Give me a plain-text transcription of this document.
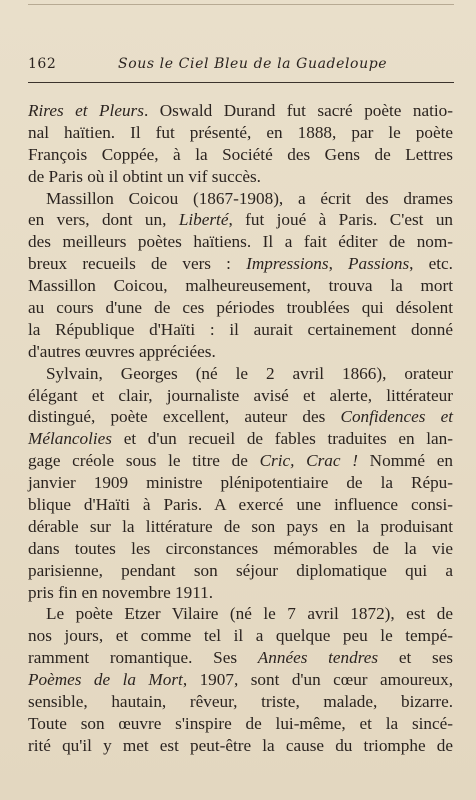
162	Sous le Ciel Bleu de la Guadeloupe
Rires et Pleurs. Oswald Durand fut sacré poète natio-
nal haïtien. Il fut présenté, en 1888, par le poète
François Coppée, à la Société des Gens de Lettres
de Paris où il obtint un vif succès.
Massillon Coicou (1867-1908), a écrit des drames
en vers, dont un, Liberté, fut joué à Paris. C'est un
des meilleurs poètes haïtiens. Il a fait éditer de nom-
breux recueils de vers : Impressions, Passions, etc.
Massillon Coicou, malheureusement, trouva la mort
au cours d'une de ces périodes troublées qui désolent
la République d'Haïti : il aurait certainement donné
d'autres œuvres appréciées.
Sylvain, Georges (né le 2 avril 1866), orateur
élégant et clair, journaliste avisé et alerte, littérateur
distingué, poète excellent, auteur des Confidences et
Mélancolies et d'un recueil de fables traduites en lan-
gage créole sous le titre de Cric, Crac ! Nommé en
janvier 1909 ministre plénipotentiaire de la Répu-
blique d'Haïti à Paris. A exercé une influence consi-
dérable sur la littérature de son pays en la produisant
dans toutes les circonstances mémorables de la vie
parisienne, pendant son séjour diplomatique qui a
pris fin en novembre 1911.
Le poète Etzer Vilaire (né le 7 avril 1872), est de
nos jours, et comme tel il a quelque peu le tempé-
ramment romantique. Ses Années tendres et ses
Poèmes de la Mort, 1907, sont d'un cœur amoureux,
sensible, hautain, rêveur, triste, malade, bizarre.
Toute son œuvre s'inspire de lui-même, et la sincé-
rité qu'il y met est peut-être la cause du triomphe de
